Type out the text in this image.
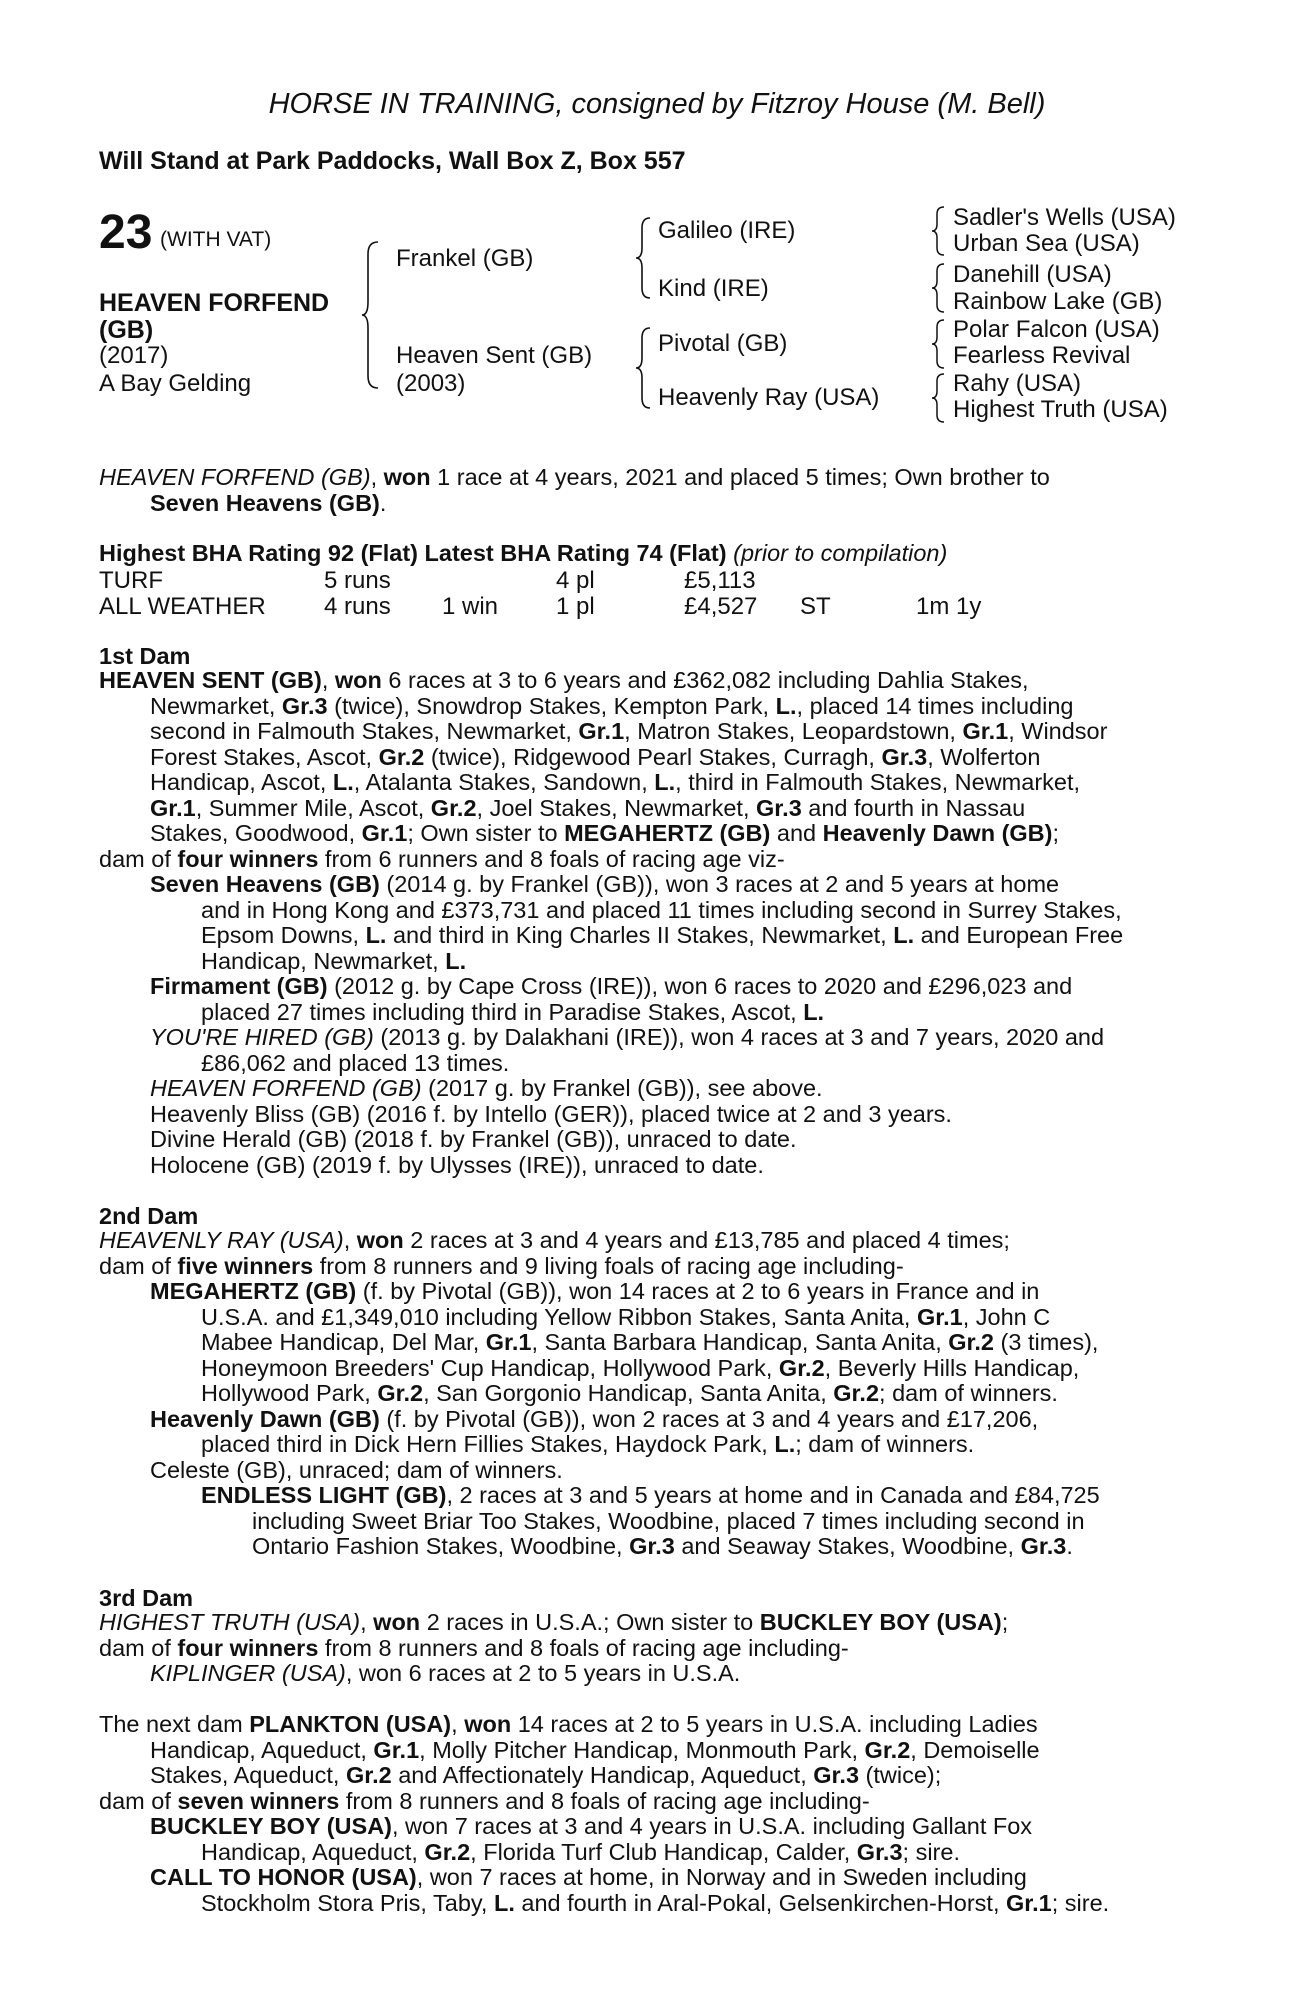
HORSE IN TRAINING, consigned by Fitzroy House (M. Bell)
Will Stand at Park Paddocks, Wall Box Z, Box 557
23 (WITH VAT)
HEAVEN FORFEND
(GB)
(2017)
A Bay Gelding
Frankel (GB)
Heaven Sent (GB)
(2003)
Galileo (IRE)
Kind (IRE)
Pivotal (GB)
Heavenly Ray (USA)
Sadler's Wells (USA)
Urban Sea (USA)
Danehill (USA)
Rainbow Lake (GB)
Polar Falcon (USA)
Fearless Revival
Rahy (USA)
Highest Truth (USA)
HEAVEN FORFEND (GB), won 1 race at 4 years, 2021 and placed 5 times; Own brother to
Seven Heavens (GB).
Highest BHA Rating 92 (Flat) Latest BHA Rating 74 (Flat) (prior to compilation)
TURF	5 runs	4 pl	£5,113
ALL WEATHER 4 runs 1 win 1 pl	£4,527 ST	1m 1y
1st Dam
HEAVEN SENT (GB), won 6 races at 3 to 6 years and £362,082 including Dahlia Stakes,
Newmarket, Gr.3 (twice), Snowdrop Stakes, Kempton Park, L., placed 14 times including
second in Falmouth Stakes, Newmarket, Gr.1, Matron Stakes, Leopardstown, Gr.1, Windsor
Forest Stakes, Ascot, Gr.2 (twice), Ridgewood Pearl Stakes, Curragh, Gr.3, Wolferton
Handicap, Ascot, L., Atalanta Stakes, Sandown, L., third in Falmouth Stakes, Newmarket,
Gr.1, Summer Mile, Ascot, Gr.2, Joel Stakes, Newmarket, Gr.3 and fourth in Nassau
Stakes, Goodwood, Gr.1; Own sister to MEGAHERTZ (GB) and Heavenly Dawn (GB);
dam of four winners from 6 runners and 8 foals of racing age viz-
Seven Heavens (GB) (2014 g. by Frankel (GB)), won 3 races at 2 and 5 years at home
and in Hong Kong and £373,731 and placed 11 times including second in Surrey Stakes,
Epsom Downs, L. and third in King Charles II Stakes, Newmarket, L. and European Free
Handicap, Newmarket, L.
Firmament (GB) (2012 g. by Cape Cross (IRE)), won 6 races to 2020 and £296,023 and
placed 27 times including third in Paradise Stakes, Ascot, L.
YOU'RE HIRED (GB) (2013 g. by Dalakhani (IRE)), won 4 races at 3 and 7 years, 2020 and
£86,062 and placed 13 times.
HEAVEN FORFEND (GB) (2017 g. by Frankel (GB)), see above.
Heavenly Bliss (GB) (2016 f. by Intello (GER)), placed twice at 2 and 3 years.
Divine Herald (GB) (2018 f. by Frankel (GB)), unraced to date.
Holocene (GB) (2019 f. by Ulysses (IRE)), unraced to date.
2nd Dam
HEAVENLY RAY (USA), won 2 races at 3 and 4 years and £13,785 and placed 4 times;
dam of five winners from 8 runners and 9 living foals of racing age including-
MEGAHERTZ (GB) (f. by Pivotal (GB)), won 14 races at 2 to 6 years in France and in
U.S.A. and £1,349,010 including Yellow Ribbon Stakes, Santa Anita, Gr.1, John C
Mabee Handicap, Del Mar, Gr.1, Santa Barbara Handicap, Santa Anita, Gr.2 (3 times),
Honeymoon Breeders' Cup Handicap, Hollywood Park, Gr.2, Beverly Hills Handicap,
Hollywood Park, Gr.2, San Gorgonio Handicap, Santa Anita, Gr.2; dam of winners.
Heavenly Dawn (GB) (f. by Pivotal (GB)), won 2 races at 3 and 4 years and £17,206,
placed third in Dick Hern Fillies Stakes, Haydock Park, L.; dam of winners.
Celeste (GB), unraced; dam of winners.
ENDLESS LIGHT (GB), 2 races at 3 and 5 years at home and in Canada and £84,725
including Sweet Briar Too Stakes, Woodbine, placed 7 times including second in
Ontario Fashion Stakes, Woodbine, Gr.3 and Seaway Stakes, Woodbine, Gr.3.
3rd Dam
HIGHEST TRUTH (USA), won 2 races in U.S.A.; Own sister to BUCKLEY BOY (USA);
dam of four winners from 8 runners and 8 foals of racing age including-
KIPLINGER (USA), won 6 races at 2 to 5 years in U.S.A.
The next dam PLANKTON (USA), won 14 races at 2 to 5 years in U.S.A. including Ladies
Handicap, Aqueduct, Gr.1, Molly Pitcher Handicap, Monmouth Park, Gr.2, Demoiselle
Stakes, Aqueduct, Gr.2 and Affectionately Handicap, Aqueduct, Gr.3 (twice);
dam of seven winners from 8 runners and 8 foals of racing age including-
BUCKLEY BOY (USA), won 7 races at 3 and 4 years in U.S.A. including Gallant Fox
Handicap, Aqueduct, Gr.2, Florida Turf Club Handicap, Calder, Gr.3; sire.
CALL TO HONOR (USA), won 7 races at home, in Norway and in Sweden including
Stockholm Stora Pris, Taby, L. and fourth in Aral-Pokal, Gelsenkirchen-Horst, Gr.1; sire.
